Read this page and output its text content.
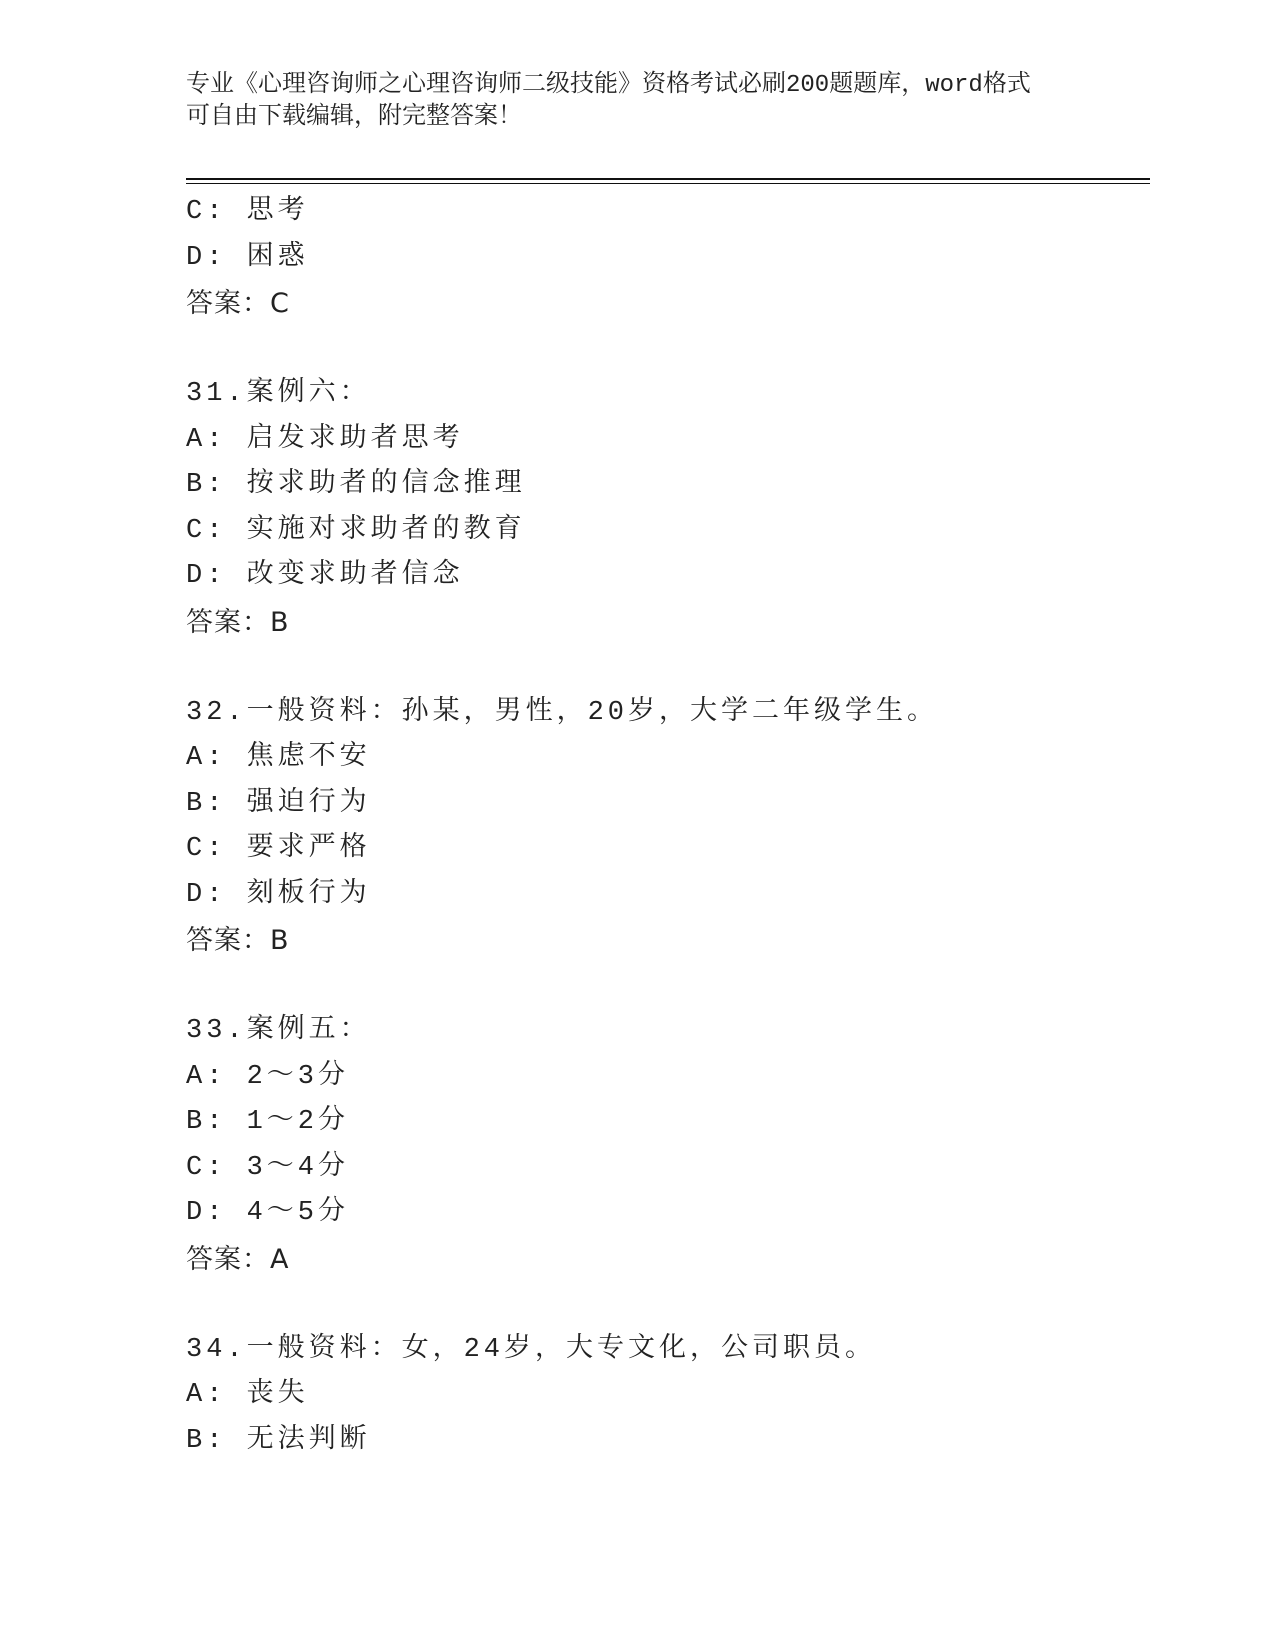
专业《心理咨询师之心理咨询师二级技能》资格考试必刷200题题库，word格式
可自由下载编辑，附完整答案！
C: 思考
D: 困惑
答案：C
31.案例六：
A: 启发求助者思考
B: 按求助者的信念推理
C: 实施对求助者的教育
D: 改变求助者信念
答案：B
32.一般资料：孙某，男性，20岁，大学二年级学生。
A: 焦虑不安
B: 强迫行为
C: 要求严格
D: 刻板行为
答案：B
33.案例五：
A: 2～3分
B: 1～2分
C: 3～4分
D: 4～5分
答案：A
34.一般资料：女，24岁，大专文化，公司职员。
A: 丧失
B: 无法判断
